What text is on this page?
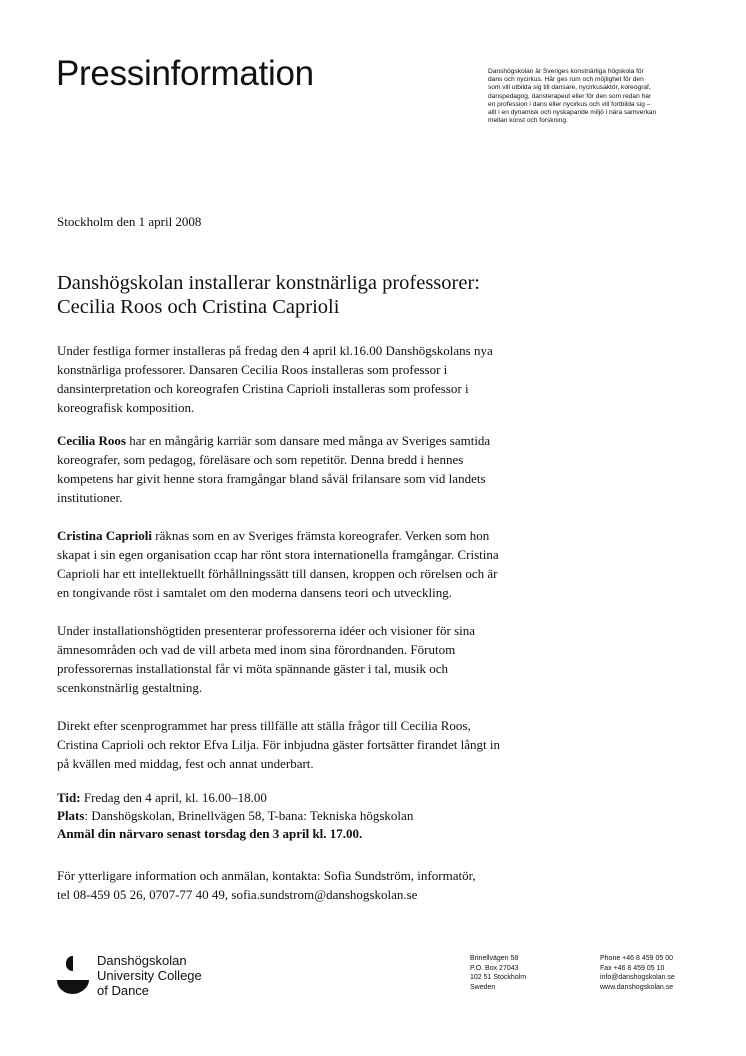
Pressinformation	Danshögskolan är Sveriges konstnärliga högskola för
dans och nycirkus. Här ges rum och möjlighet för den
som vill utbilda sig till dansare, nycirkusaktör, koreograf,
danspedagog, dansterapeut eller för den som redan har
en profession i dans eller nycirkus och vill fortbilda sig –
allt i en dynamisk och nyskapande miljö i nära samverkan
mellan konst och forskning.
Stockholm den 1 april 2008
Danshögskolan installerar konstnärliga professorer:
Cecilia Roos och Cristina Caprioli

Under festliga former installeras på fredag den 4 april kl.16.00 Danshögskolans nya
konstnärliga professorer. Dansaren Cecilia Roos installeras som professor i
dansinterpretation och koreografen Cristina Caprioli installeras som professor i
koreografisk komposition.

Cecilia Roos har en mångårig karriär som dansare med många av Sveriges samtida
koreografer, som pedagog, föreläsare och som repetitör. Denna bredd i hennes
kompetens har givit henne stora framgångar bland såväl frilansare som vid landets
institutioner.

Cristina Caprioli räknas som en av Sveriges främsta koreografer. Verken som hon
skapat i sin egen organisation ccap har rönt stora internationella framgångar. Cristina
Caprioli har ett intellektuellt förhållningssätt till dansen, kroppen och rörelsen och är
en tongivande röst i samtalet om den moderna dansens teori och utveckling.

Under installationshögtiden presenterar professorerna idéer och visioner för sina
ämnesområden och vad de vill arbeta med inom sina förordnanden. Förutom
professorernas installationstal får vi möta spännande gäster i tal, musik och
scenkonstnärlig gestaltning.

Direkt efter scenprogrammet har press tillfälle att ställa frågor till Cecilia Roos,
Cristina Caprioli och rektor Efva Lilja. För inbjudna gäster fortsätter firandet långt in
på kvällen med middag, fest och annat underbart.

Tid: Fredag den 4 april, kl. 16.00–18.00
Plats: Danshögskolan, Brinellvägen 58, T-bana: Tekniska högskolan
Anmäl din närvaro senast torsdag den 3 april kl. 17.00.

För ytterligare information och anmälan, kontakta: Sofia Sundström, informatör,
tel 08-459 05 26, 0707-77 40 49, sofia.sundstrom@danshogskolan.se

Danshögskolan
University College
of Dance
Brinellvägen 58
P.O. Box 27043
102 51 Stockholm
Sweden
Phone +46 8 459 05 00
Fax +46 8 459 05 10
info@danshogskolan.se
www.danshogskolan.se
